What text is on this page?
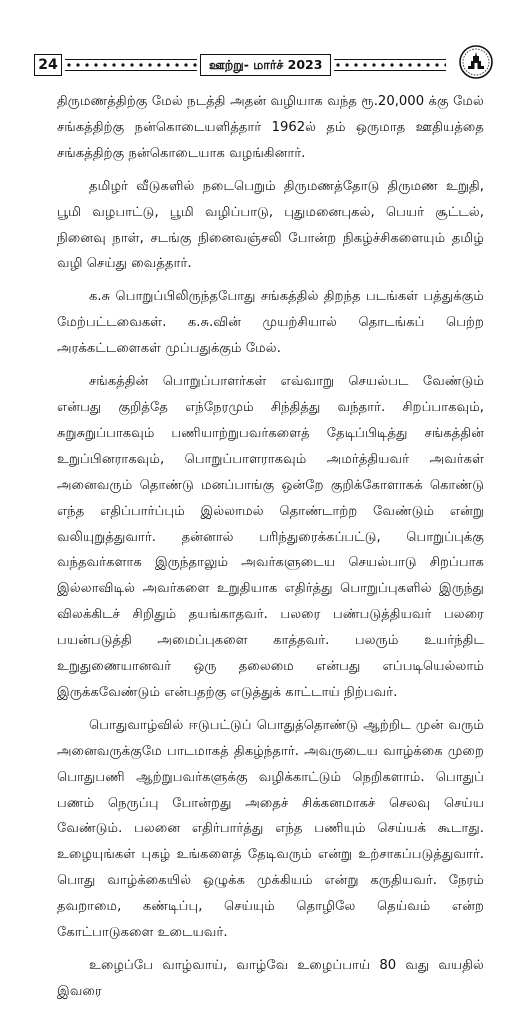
24	ஊற்று- மார்ச் 2023

திருமணத்திற்கு மேல் நடத்தி அதன் வழியாக வந்த ரூ.20,000 க்கு மேல் சங்கத்திற்கு நன்கொடையளித்தார் 1962ல் தம் ஒருமாத ஊதியத்தை சங்கத்திற்கு நன்கொடையாக வழங்கினார்.

தமிழர் வீடுகளில் நடைபெறும் திருமணத்தோடு திருமண உறுதி, பூமி வழபாட்டு, பூமி வழிப்பாடு, புதுமனைபுகல், பெயர் சூட்டல், நினைவு நாள், சடங்கு நினைவஞ்சலி போன்ற நிகழ்ச்சிகளையும் தமிழ் வழி செய்து வைத்தார்.

க.சு பொறுப்பிலிருந்தபோது சங்கத்தில் திறந்த படங்கள் பத்துக்கும் மேற்பட்டவைகள். க.சு.வின் முயற்சியால் தொடங்கப் பெற்ற அரக்கட்டளைகள் முப்பதுக்கும் மேல்.

சங்கத்தின் பொறுப்பாளர்கள் எவ்வாறு செயல்பட வேண்டும் என்பது குறித்தே எந்நேரமும் சிந்தித்து வந்தார். சிறப்பாகவும், சுறுசுறுப்பாகவும் பணியாற்றுபவர்களைத் தேடிப்பிடித்து சங்கத்தின் உறுப்பினராகவும், பொறுப்பாளராகவும் அமர்த்தியவர் அவர்கள் அனைவரும் தொண்டு மனப்பாங்கு ஒன்றே குறிக்கோளாகக் கொண்டு எந்த எதிப்பார்ப்பும் இல்லாமல் தொண்டாற்ற வேண்டும் என்று வலியுறுத்துவார். தன்னால் பரிந்துரைக்கப்பட்டு, பொறுப்புக்கு வந்தவர்களாக இருந்தாலும் அவர்களுடைய செயல்பாடு சிறப்பாக இல்லாவிடில் அவர்களை உறுதியாக எதிர்த்து பொறுப்புகளில் இருந்து விலக்கிடச் சிறிதும் தயங்காதவர். பலரை பண்படுத்தியவர் பலரை பயன்படுத்தி அமைப்புகளை காத்தவர். பலரும் உயர்ந்திட உறுதுணையானவர் ஒரு தலைமை என்பது எப்படியெல்லாம் இருக்கவேண்டும் என்பதற்கு எடுத்துக் காட்டாய் நிற்பவர்.

பொதுவாழ்வில் ஈடுபட்டுப் பொதுத்தொண்டு ஆற்றிட முன் வரும் அனைவருக்குமே பாடமாகத் திகழ்ந்தார். அவருடைய வாழ்க்கை முறை பொதுபணி ஆற்றுபவர்களுக்கு வழிக்காட்டும் நெறிகளாம். பொதுப் பணம் நெருப்பு போன்றது அதைச் சிக்கனமாகச் செலவு செய்ய வேண்டும். பலனை எதிர்பார்த்து எந்த பணியும் செய்யக் கூடாது. உழையுங்கள் புகழ் உங்களைத் தேடிவரும் என்று உற்சாகப்படுத்துவார். பொது வாழ்க்கையில் ஒழுக்க முக்கியம் என்று கருதியவர். நேரம் தவறாமை, கண்டிப்பு, செய்யும் தொழிலே தெய்வம் என்ற கோட்பாடுகளை உடையவர்.

உழைப்பே வாழ்வாய், வாழ்வே உழைப்பாய் 80 வது வயதில் இவரை
